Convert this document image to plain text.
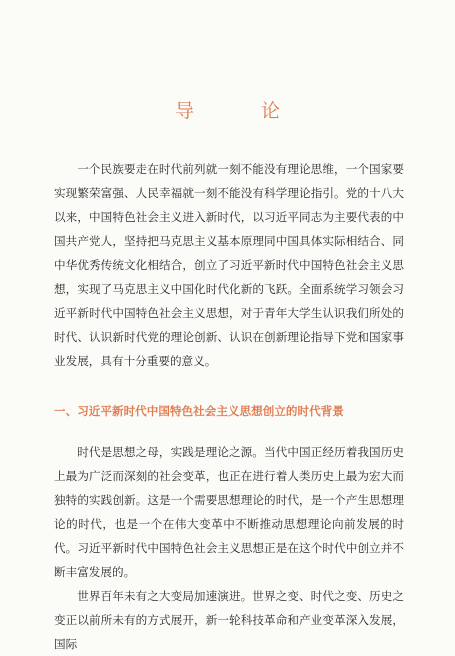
导　论

一个民族要走在时代前列就一刻不能没有理论思维，一个国家要实现繁荣富强、人民幸福就一刻不能没有科学理论指引。党的十八大以来，中国特色社会主义进入新时代，以习近平同志为主要代表的中国共产党人，坚持把马克思主义基本原理同中国具体实际相结合、同中华优秀传统文化相结合，创立了习近平新时代中国特色社会主义思想，实现了马克思主义中国化时代化新的飞跃。全面系统学习领会习近平新时代中国特色社会主义思想，对于青年大学生认识我们所处的时代、认识新时代党的理论创新、认识在创新理论指导下党和国家事业发展，具有十分重要的意义。

一、习近平新时代中国特色社会主义思想创立的时代背景

时代是思想之母，实践是理论之源。当代中国正经历着我国历史上最为广泛而深刻的社会变革，也正在进行着人类历史上最为宏大而独特的实践创新。这是一个需要思想理论的时代，是一个产生思想理论的时代，也是一个在伟大变革中不断推动思想理论向前发展的时代。习近平新时代中国特色社会主义思想正是在这个时代中创立并不断丰富发展的。

世界百年未有之大变局加速演进。世界之变、时代之变、历史之变正以前所未有的方式展开，新一轮科技革命和产业变革深入发展，国际
